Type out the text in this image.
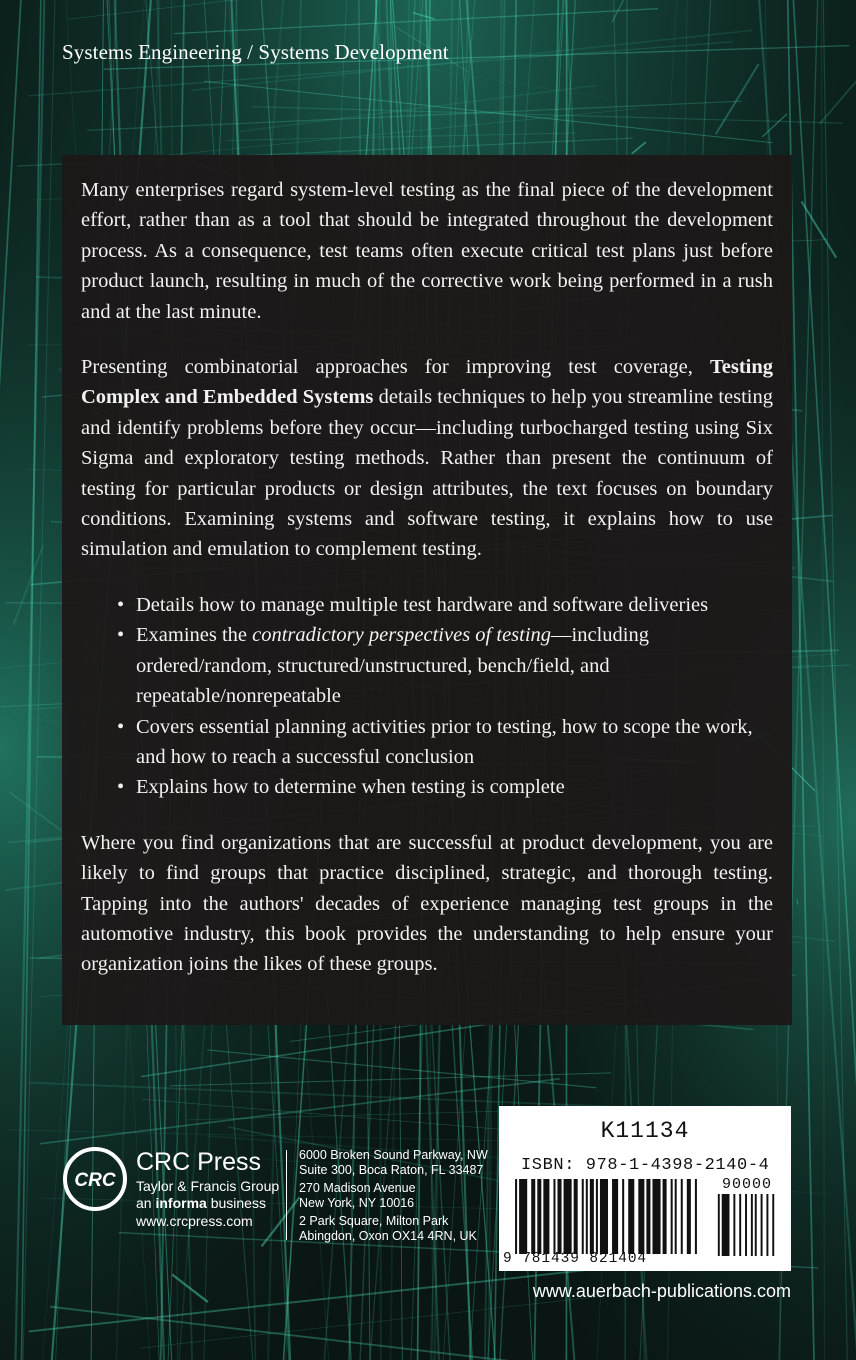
Systems Engineering / Systems Development

Many enterprises regard system-level testing as the final piece of the development effort, rather than as a tool that should be integrated throughout the development process. As a consequence, test teams often execute critical test plans just before product launch, resulting in much of the corrective work being performed in a rush and at the last minute.

Presenting combinatorial approaches for improving test coverage, Testing Complex and Embedded Systems details techniques to help you streamline testing and identify problems before they occur—including turbocharged testing using Six Sigma and exploratory testing methods. Rather than present the continuum of testing for particular products or design attributes, the text focuses on boundary conditions. Examining systems and software testing, it explains how to use simulation and emulation to complement testing.

• Details how to manage multiple test hardware and software deliveries
• Examines the contradictory perspectives of testing—including ordered/random, structured/unstructured, bench/field, and repeatable/nonrepeatable
• Covers essential planning activities prior to testing, how to scope the work, and how to reach a successful conclusion
• Explains how to determine when testing is complete

Where you find organizations that are successful at product development, you are likely to find groups that practice disciplined, strategic, and thorough testing. Tapping into the authors' decades of experience managing test groups in the automotive industry, this book provides the understanding to help ensure your organization joins the likes of these groups.

CRC
CRC Press
Taylor & Francis Group
an informa business
www.crcpress.com
6000 Broken Sound Parkway, NW
Suite 300, Boca Raton, FL 33487
270 Madison Avenue
New York, NY 10016
2 Park Square, Milton Park
Abingdon, Oxon OX14 4RN, UK
K11134
ISBN: 978-1-4398-2140-4
90000
9 781439 821404
www.auerbach-publications.com
